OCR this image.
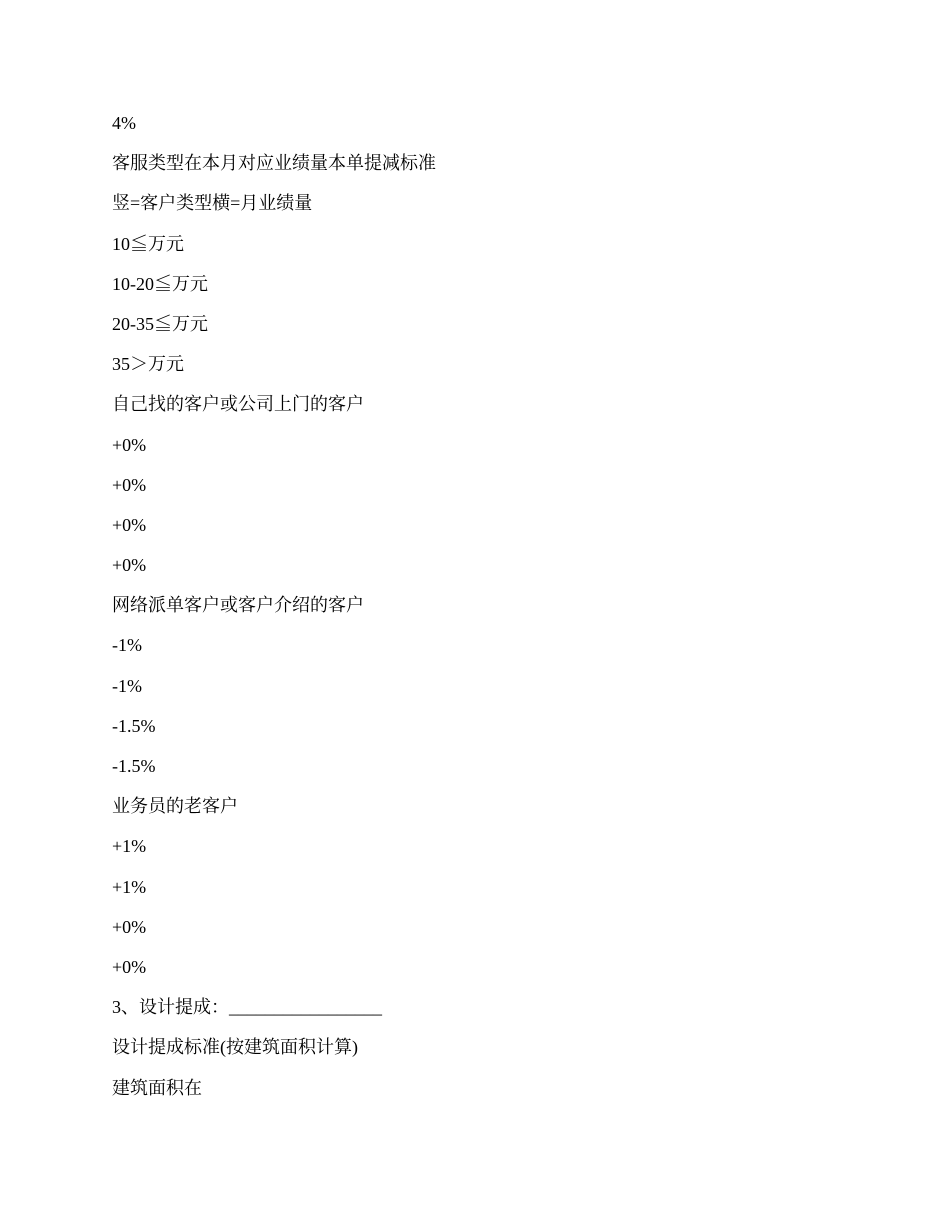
4%
客服类型在本月对应业绩量本单提减标准
竖=客户类型横=月业绩量
10≦万元
10-20≦万元
20-35≦万元
35＞万元
自己找的客户或公司上门的客户
+0%
+0%
+0%
+0%
网络派单客户或客户介绍的客户
-1%
-1%
-1.5%
-1.5%
业务员的老客户
+1%
+1%
+0%
+0%
3、设计提成：_________________
设计提成标准(按建筑面积计算)
建筑面积在
